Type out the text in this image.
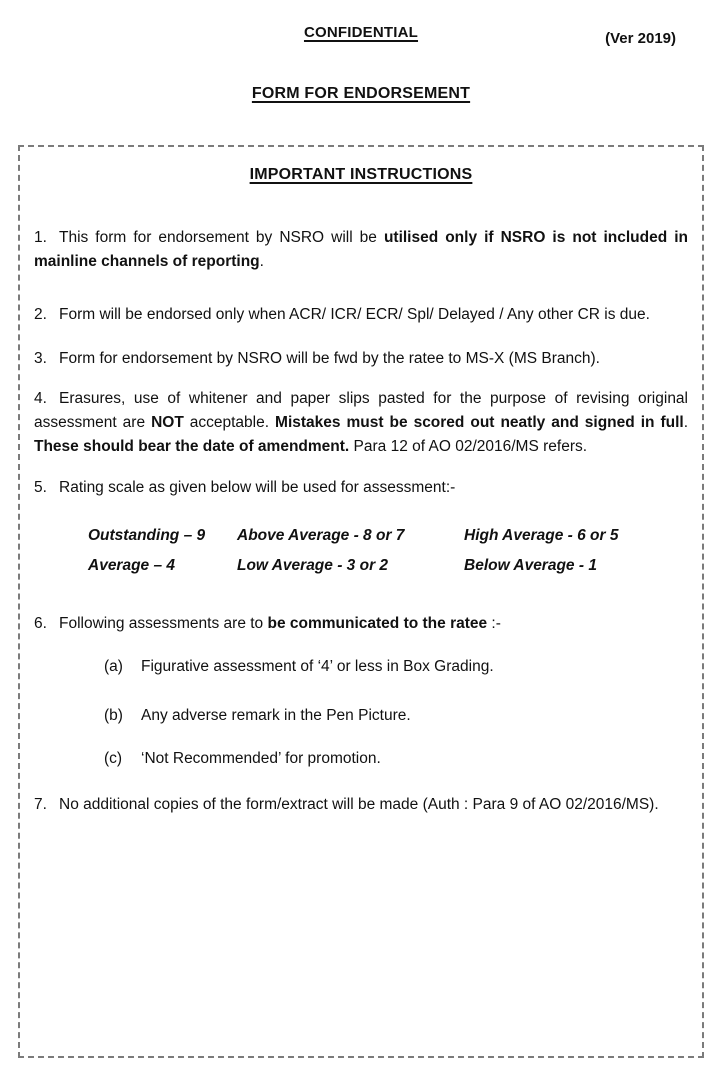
CONFIDENTIAL	(Ver 2019)
FORM FOR ENDORSEMENT
IMPORTANT INSTRUCTIONS

1. This form for endorsement by NSRO will be utilised only if NSRO is not included in mainline channels of reporting.

2. Form will be endorsed only when ACR/ ICR/ ECR/ Spl/ Delayed / Any other CR is due.

3. Form for endorsement by NSRO will be fwd by the ratee to MS-X (MS Branch).

4. Erasures, use of whitener and paper slips pasted for the purpose of revising original assessment are NOT acceptable. Mistakes must be scored out neatly and signed in full. These should bear the date of amendment. Para 12 of AO 02/2016/MS refers.

5. Rating scale as given below will be used for assessment:-

Outstanding – 9	Above Average - 8 or 7	High Average - 6 or 5
Average – 4	Low Average - 3 or 2	Below Average - 1

6. Following assessments are to be communicated to the ratee :-

(a)	Figurative assessment of ‘4’ or less in Box Grading.
(b)	Any adverse remark in the Pen Picture.
(c)	‘Not Recommended’ for promotion.

7. No additional copies of the form/extract will be made (Auth : Para 9 of AO 02/2016/MS).
